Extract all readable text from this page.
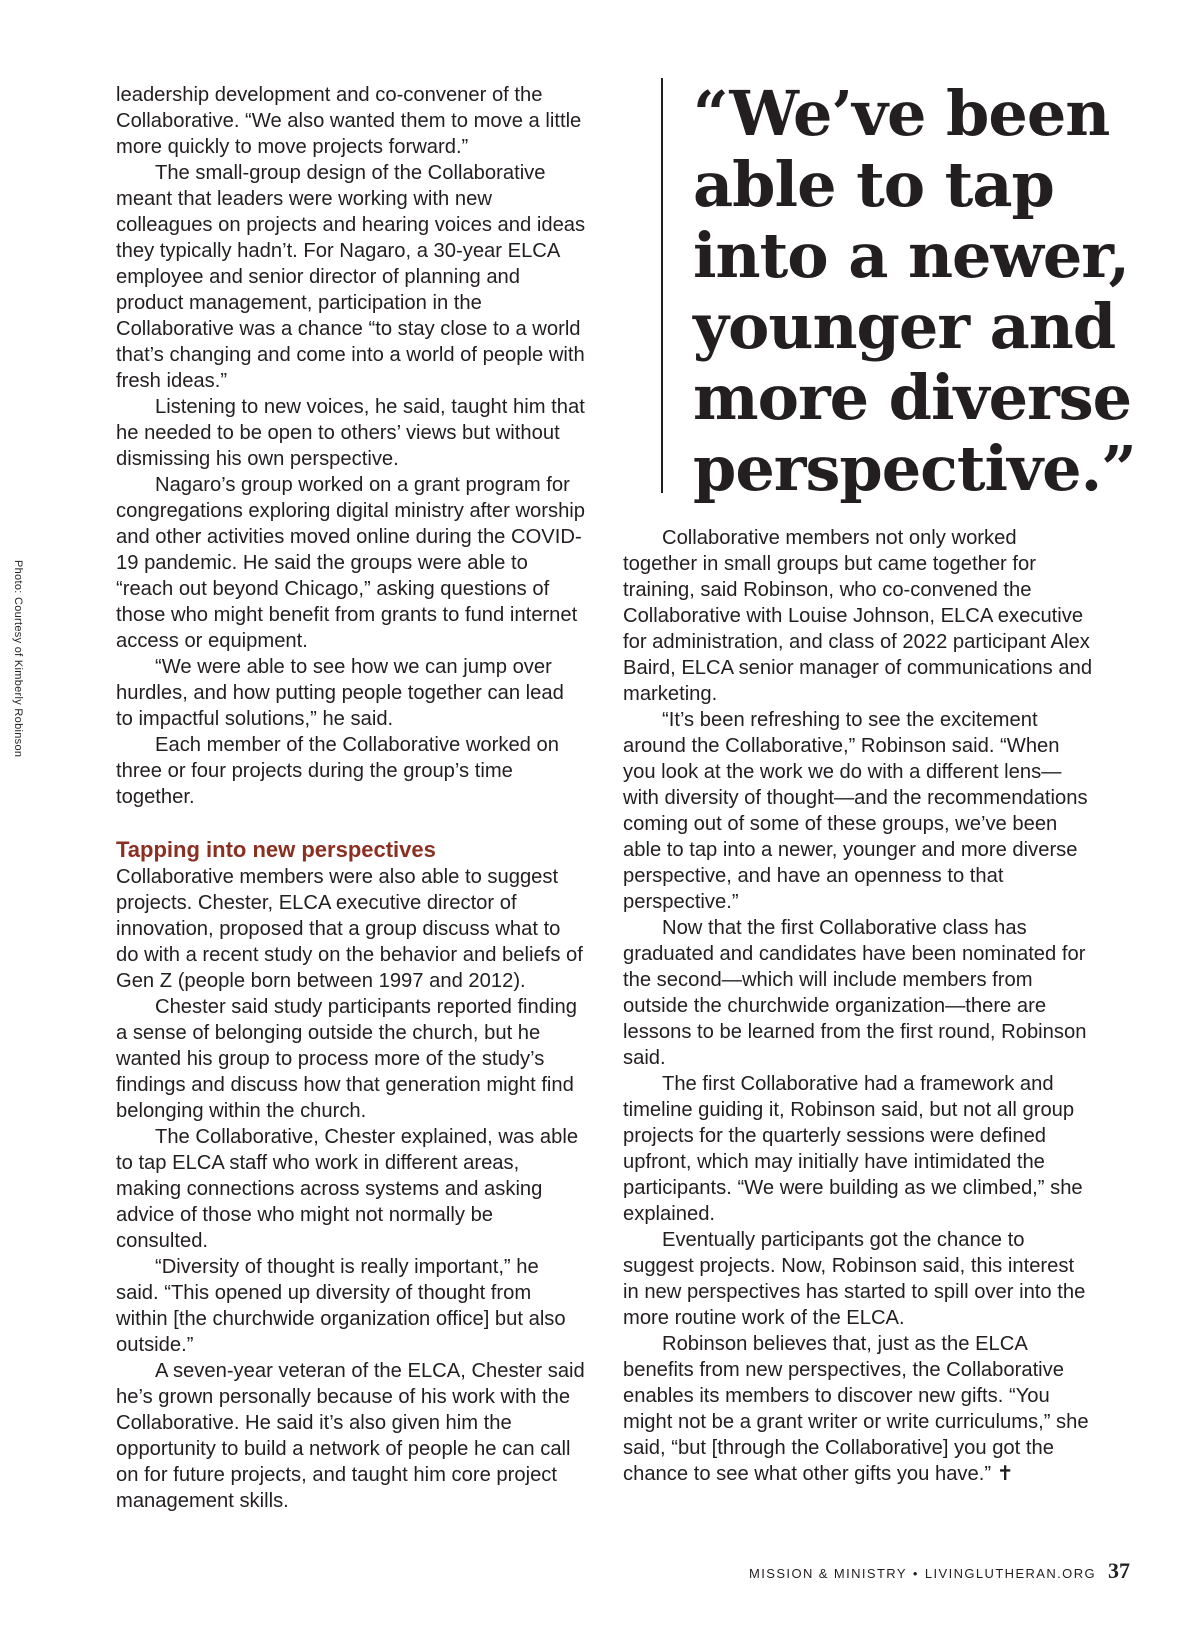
Photo: Courtesy of Kimberly Robinson

leadership development and co-convener of the Collaborative. “We also wanted them to move a little more quickly to move projects forward.”

The small-group design of the Collaborative meant that leaders were working with new colleagues on projects and hearing voices and ideas they typically hadn’t. For Nagaro, a 30-year ELCA employee and senior director of planning and product management, participation in the Collaborative was a chance “to stay close to a world that’s changing and come into a world of people with fresh ideas.”

Listening to new voices, he said, taught him that he needed to be open to others’ views but without dismissing his own perspective.

Nagaro’s group worked on a grant program for congregations exploring digital ministry after worship and other activities moved online during the COVID-19 pandemic. He said the groups were able to “reach out beyond Chicago,” asking questions of those who might benefit from grants to fund internet access or equipment.

“We were able to see how we can jump over hurdles, and how putting people together can lead to impactful solutions,” he said.

Each member of the Collaborative worked on three or four projects during the group’s time together.

Tapping into new perspectives

Collaborative members were also able to suggest projects. Chester, ELCA executive director of innovation, proposed that a group discuss what to do with a recent study on the behavior and beliefs of Gen Z (people born between 1997 and 2012).

Chester said study participants reported finding a sense of belonging outside the church, but he wanted his group to process more of the study’s findings and discuss how that generation might find belonging within the church.

The Collaborative, Chester explained, was able to tap ELCA staff who work in different areas, making connections across systems and asking advice of those who might not normally be consulted.

“Diversity of thought is really important,” he said. “This opened up diversity of thought from within [the churchwide organization office] but also outside.”

A seven-year veteran of the ELCA, Chester said he’s grown personally because of his work with the Collaborative. He said it’s also given him the opportunity to build a network of people he can call on for future projects, and taught him core project management skills.

“We’ve been able to tap into a newer, younger and more diverse perspective.”

Collaborative members not only worked together in small groups but came together for training, said Robinson, who co-convened the Collaborative with Louise Johnson, ELCA executive for administration, and class of 2022 participant Alex Baird, ELCA senior manager of communications and marketing.

“It’s been refreshing to see the excitement around the Collaborative,” Robinson said. “When you look at the work we do with a different lens—with diversity of thought—and the recommendations coming out of some of these groups, we’ve been able to tap into a newer, younger and more diverse perspective, and have an openness to that perspective.”

Now that the first Collaborative class has graduated and candidates have been nominated for the second—which will include members from outside the churchwide organization—there are lessons to be learned from the first round, Robinson said.

The first Collaborative had a framework and timeline guiding it, Robinson said, but not all group projects for the quarterly sessions were defined upfront, which may initially have intimidated the participants. “We were building as we climbed,” she explained.

Eventually participants got the chance to suggest projects. Now, Robinson said, this interest in new perspectives has started to spill over into the more routine work of the ELCA.

Robinson believes that, just as the ELCA benefits from new perspectives, the Collaborative enables its members to discover new gifts. “You might not be a grant writer or write curriculums,” she said, “but [through the Collaborative] you got the chance to see what other gifts you have.” ✝

MISSION & MINISTRY • LIVINGLUTHERAN.ORG 37
